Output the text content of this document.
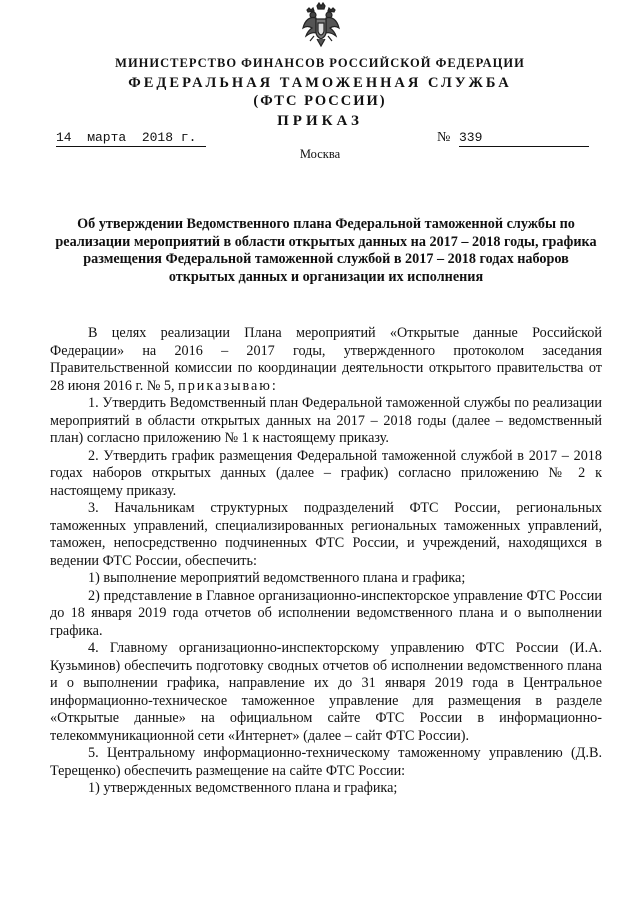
МИНИСТЕРСТВО ФИНАНСОВ РОССИЙСКОЙ ФЕДЕРАЦИИ
ФЕДЕРАЛЬНАЯ ТАМОЖЕННАЯ СЛУЖБА
(ФТС РОССИИ)
ПРИКАЗ
14  марта  2018 г.	№ 339
Москва
Об утверждении Ведомственного плана Федеральной таможенной службы по реализации мероприятий в области открытых данных на 2017 – 2018 годы, графика размещения Федеральной таможенной службой в 2017 – 2018 годах наборов открытых данных и организации их исполнения

В целях реализации Плана мероприятий «Открытые данные Российской Федерации» на 2016 – 2017 годы, утвержденного протоколом заседания Правительственной комиссии по координации деятельности открытого правительства от 28 июня 2016 г. № 5, приказываю:

1. Утвердить Ведомственный план Федеральной таможенной службы по реализации мероприятий в области открытых данных на 2017 – 2018 годы (далее – ведомственный план) согласно приложению № 1 к настоящему приказу.

2. Утвердить график размещения Федеральной таможенной службой в 2017 – 2018 годах наборов открытых данных (далее – график) согласно приложению № 2 к настоящему приказу.

3. Начальникам структурных подразделений ФТС России, региональных таможенных управлений, специализированных региональных таможенных управлений, таможен, непосредственно подчиненных ФТС России, и учреждений, находящихся в ведении ФТС России, обеспечить:

1) выполнение мероприятий ведомственного плана и графика;

2) представление в Главное организационно-инспекторское управление ФТС России до 18 января 2019 года отчетов об исполнении ведомственного плана и о выполнении графика.

4. Главному организационно-инспекторскому управлению ФТС России (И.А. Кузьминов) обеспечить подготовку сводных отчетов об исполнении ведомственного плана и о выполнении графика, направление их до 31 января 2019 года в Центральное информационно-техническое таможенное управление для размещения в разделе «Открытые данные» на официальном сайте ФТС России в информационно-телекоммуникационной сети «Интернет» (далее – сайт ФТС России).

5. Центральному информационно-техническому таможенному управлению (Д.В. Терещенко) обеспечить размещение на сайте ФТС России:

1) утвержденных ведомственного плана и графика;
